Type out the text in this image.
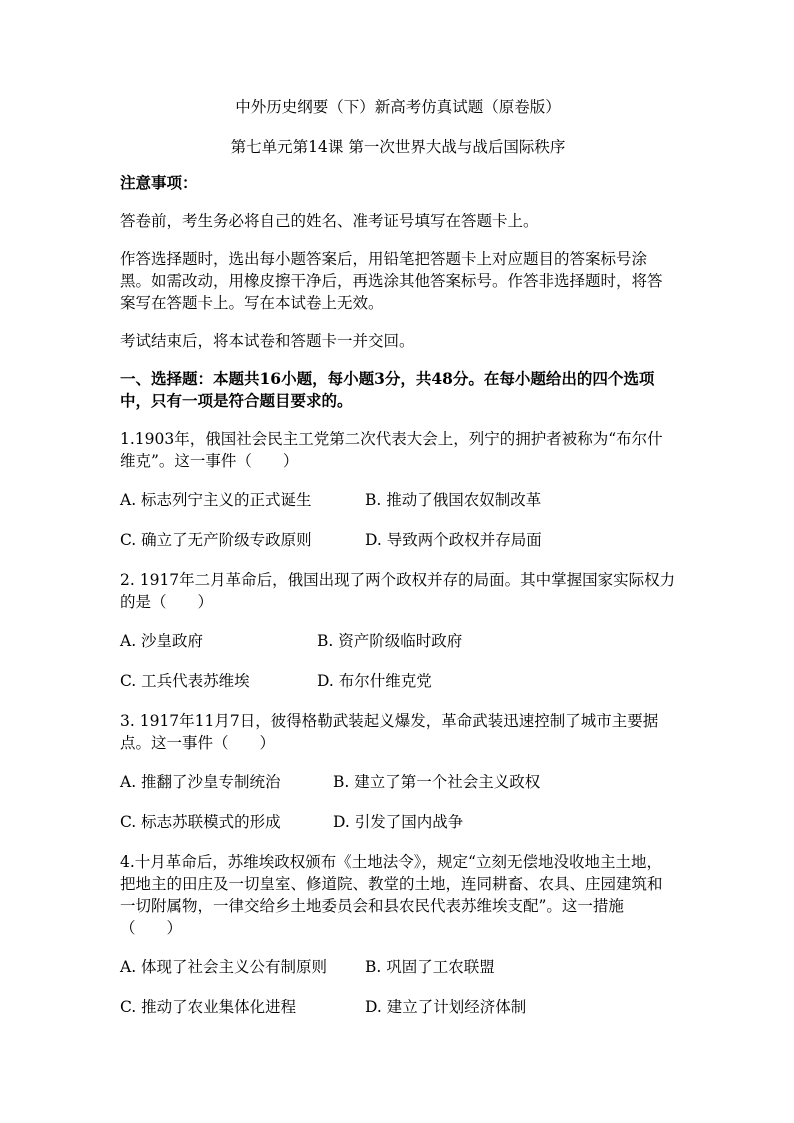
中外历史纲要（下）新高考仿真试题（原卷版）
第七单元第14课 第一次世界大战与战后国际秩序
注意事项：
答卷前，考生务必将自己的姓名、准考证号填写在答题卡上。
作答选择题时，选出每小题答案后，用铅笔把答题卡上对应题目的答案标号涂黑。如需改动，用橡皮擦干净后，再选涂其他答案标号。作答非选择题时，将答案写在答题卡上。写在本试卷上无效。
考试结束后，将本试卷和答题卡一并交回。
一、选择题：本题共16小题，每小题3分，共48分。在每小题给出的四个选项中，只有一项是符合题目要求的。
1.1903年，俄国社会民主工党第二次代表大会上，列宁的拥护者被称为“布尔什维克”。这一事件（　　）
A. 标志列宁主义的正式诞生	B. 推动了俄国农奴制改革
C. 确立了无产阶级专政原则	D. 导致两个政权并存局面
2. 1917年二月革命后，俄国出现了两个政权并存的局面。其中掌握国家实际权力的是（　　）
A. 沙皇政府	B. 资产阶级临时政府
C. 工兵代表苏维埃	D. 布尔什维克党
3. 1917年11月7日，彼得格勒武装起义爆发，革命武装迅速控制了城市主要据点。这一事件（　　）
A. 推翻了沙皇专制统治	B. 建立了第一个社会主义政权
C. 标志苏联模式的形成	D. 引发了国内战争
4.十月革命后，苏维埃政权颁布《土地法令》，规定“立刻无偿地没收地主土地，把地主的田庄及一切皇室、修道院、教堂的土地，连同耕畜、农具、庄园建筑和一切附属物，一律交给乡土地委员会和县农民代表苏维埃支配”。这一措施（　　）
A. 体现了社会主义公有制原则 B. 巩固了工农联盟
C. 推动了农业集体化进程	D. 建立了计划经济体制
